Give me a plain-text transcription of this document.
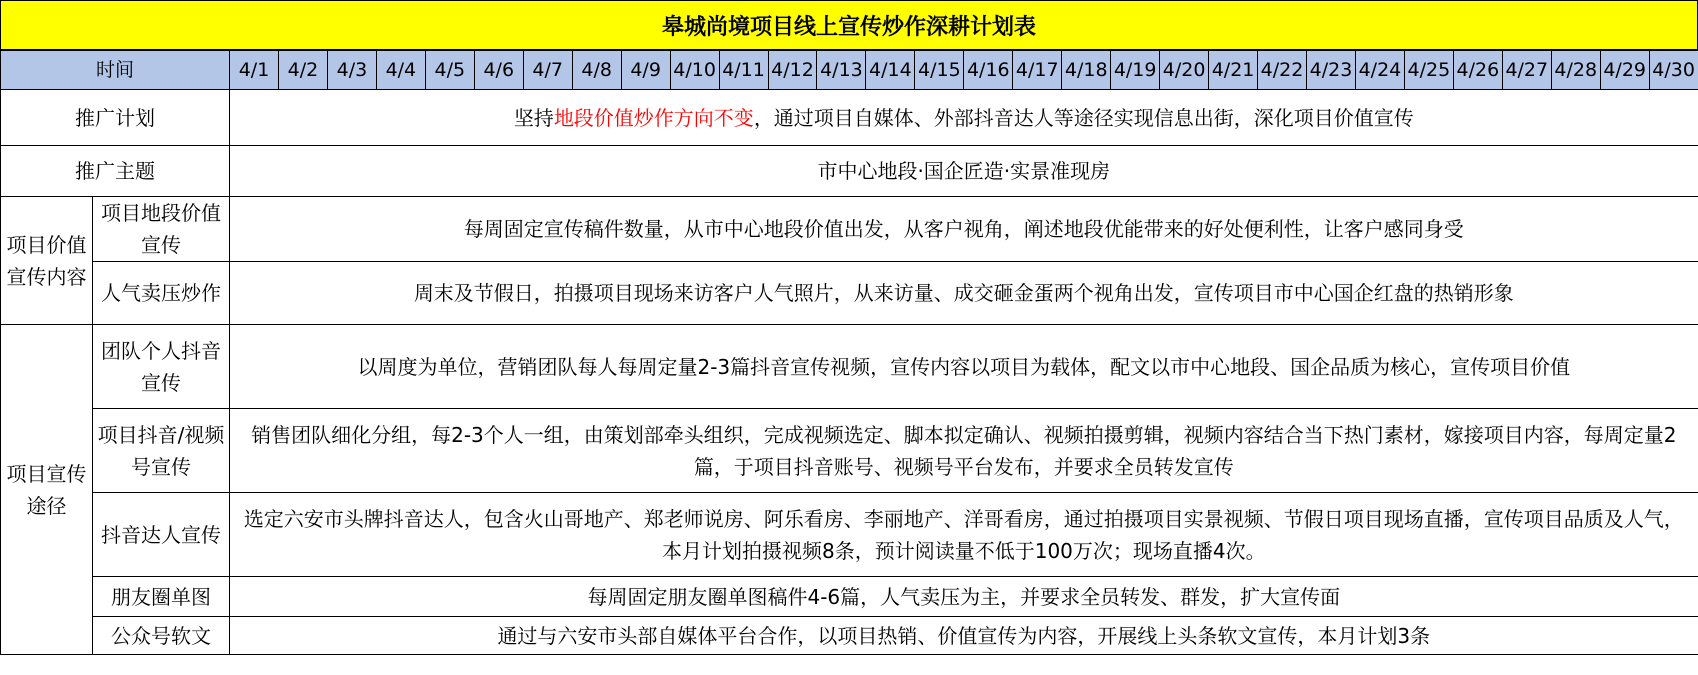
皋城尚境项目线上宣传炒作深耕计划表
时间		4/1	4/2	4/3	4/4	4/5	4/6	4/7	4/8	4/9	4/10	4/11	4/12	4/13	4/14	4/15	4/16	4/17	4/18	4/19	4/20	4/21	4/22	4/23	4/24	4/25	4/26	4/27	4/28	4/29	4/30
推广计划		坚持地段价值炒作方向不变，通过项目自媒体、外部抖音达人等途径实现信息出街，深化项目价值宣传																													
推广主题		市中心地段·国企匠造·实景准现房																													
项目价值宣传内容	项目地段价值宣传	每周固定宣传稿件数量，从市中心地段价值出发，从客户视角，阐述地段优能带来的好处便利性，让客户感同身受																													
	人气卖压炒作	周末及节假日，拍摄项目现场来访客户人气照片，从来访量、成交砸金蛋两个视角出发，宣传项目市中心国企红盘的热销形象																													
项目宣传途径	团队个人抖音宣传	以周度为单位，营销团队每人每周定量2-3篇抖音宣传视频，宣传内容以项目为载体，配文以市中心地段、国企品质为核心，宣传项目价值																													
	项目抖音/视频号宣传	销售团队细化分组，每2-3个人一组，由策划部牵头组织，完成视频选定、脚本拟定确认、视频拍摄剪辑，视频内容结合当下热门素材，嫁接项目内容，每周定量2篇，于项目抖音账号、视频号平台发布，并要求全员转发宣传																													
	抖音达人宣传	选定六安市头牌抖音达人，包含火山哥地产、郑老师说房、阿乐看房、李丽地产、洋哥看房，通过拍摄项目实景视频、节假日项目现场直播，宣传项目品质及人气，本月计划拍摄视频8条，预计阅读量不低于100万次；现场直播4次。																													
	朋友圈单图	每周固定朋友圈单图稿件4-6篇，人气卖压为主，并要求全员转发、群发，扩大宣传面																													
	公众号软文	通过与六安市头部自媒体平台合作，以项目热销、价值宣传为内容，开展线上头条软文宣传，本月计划3条																													
